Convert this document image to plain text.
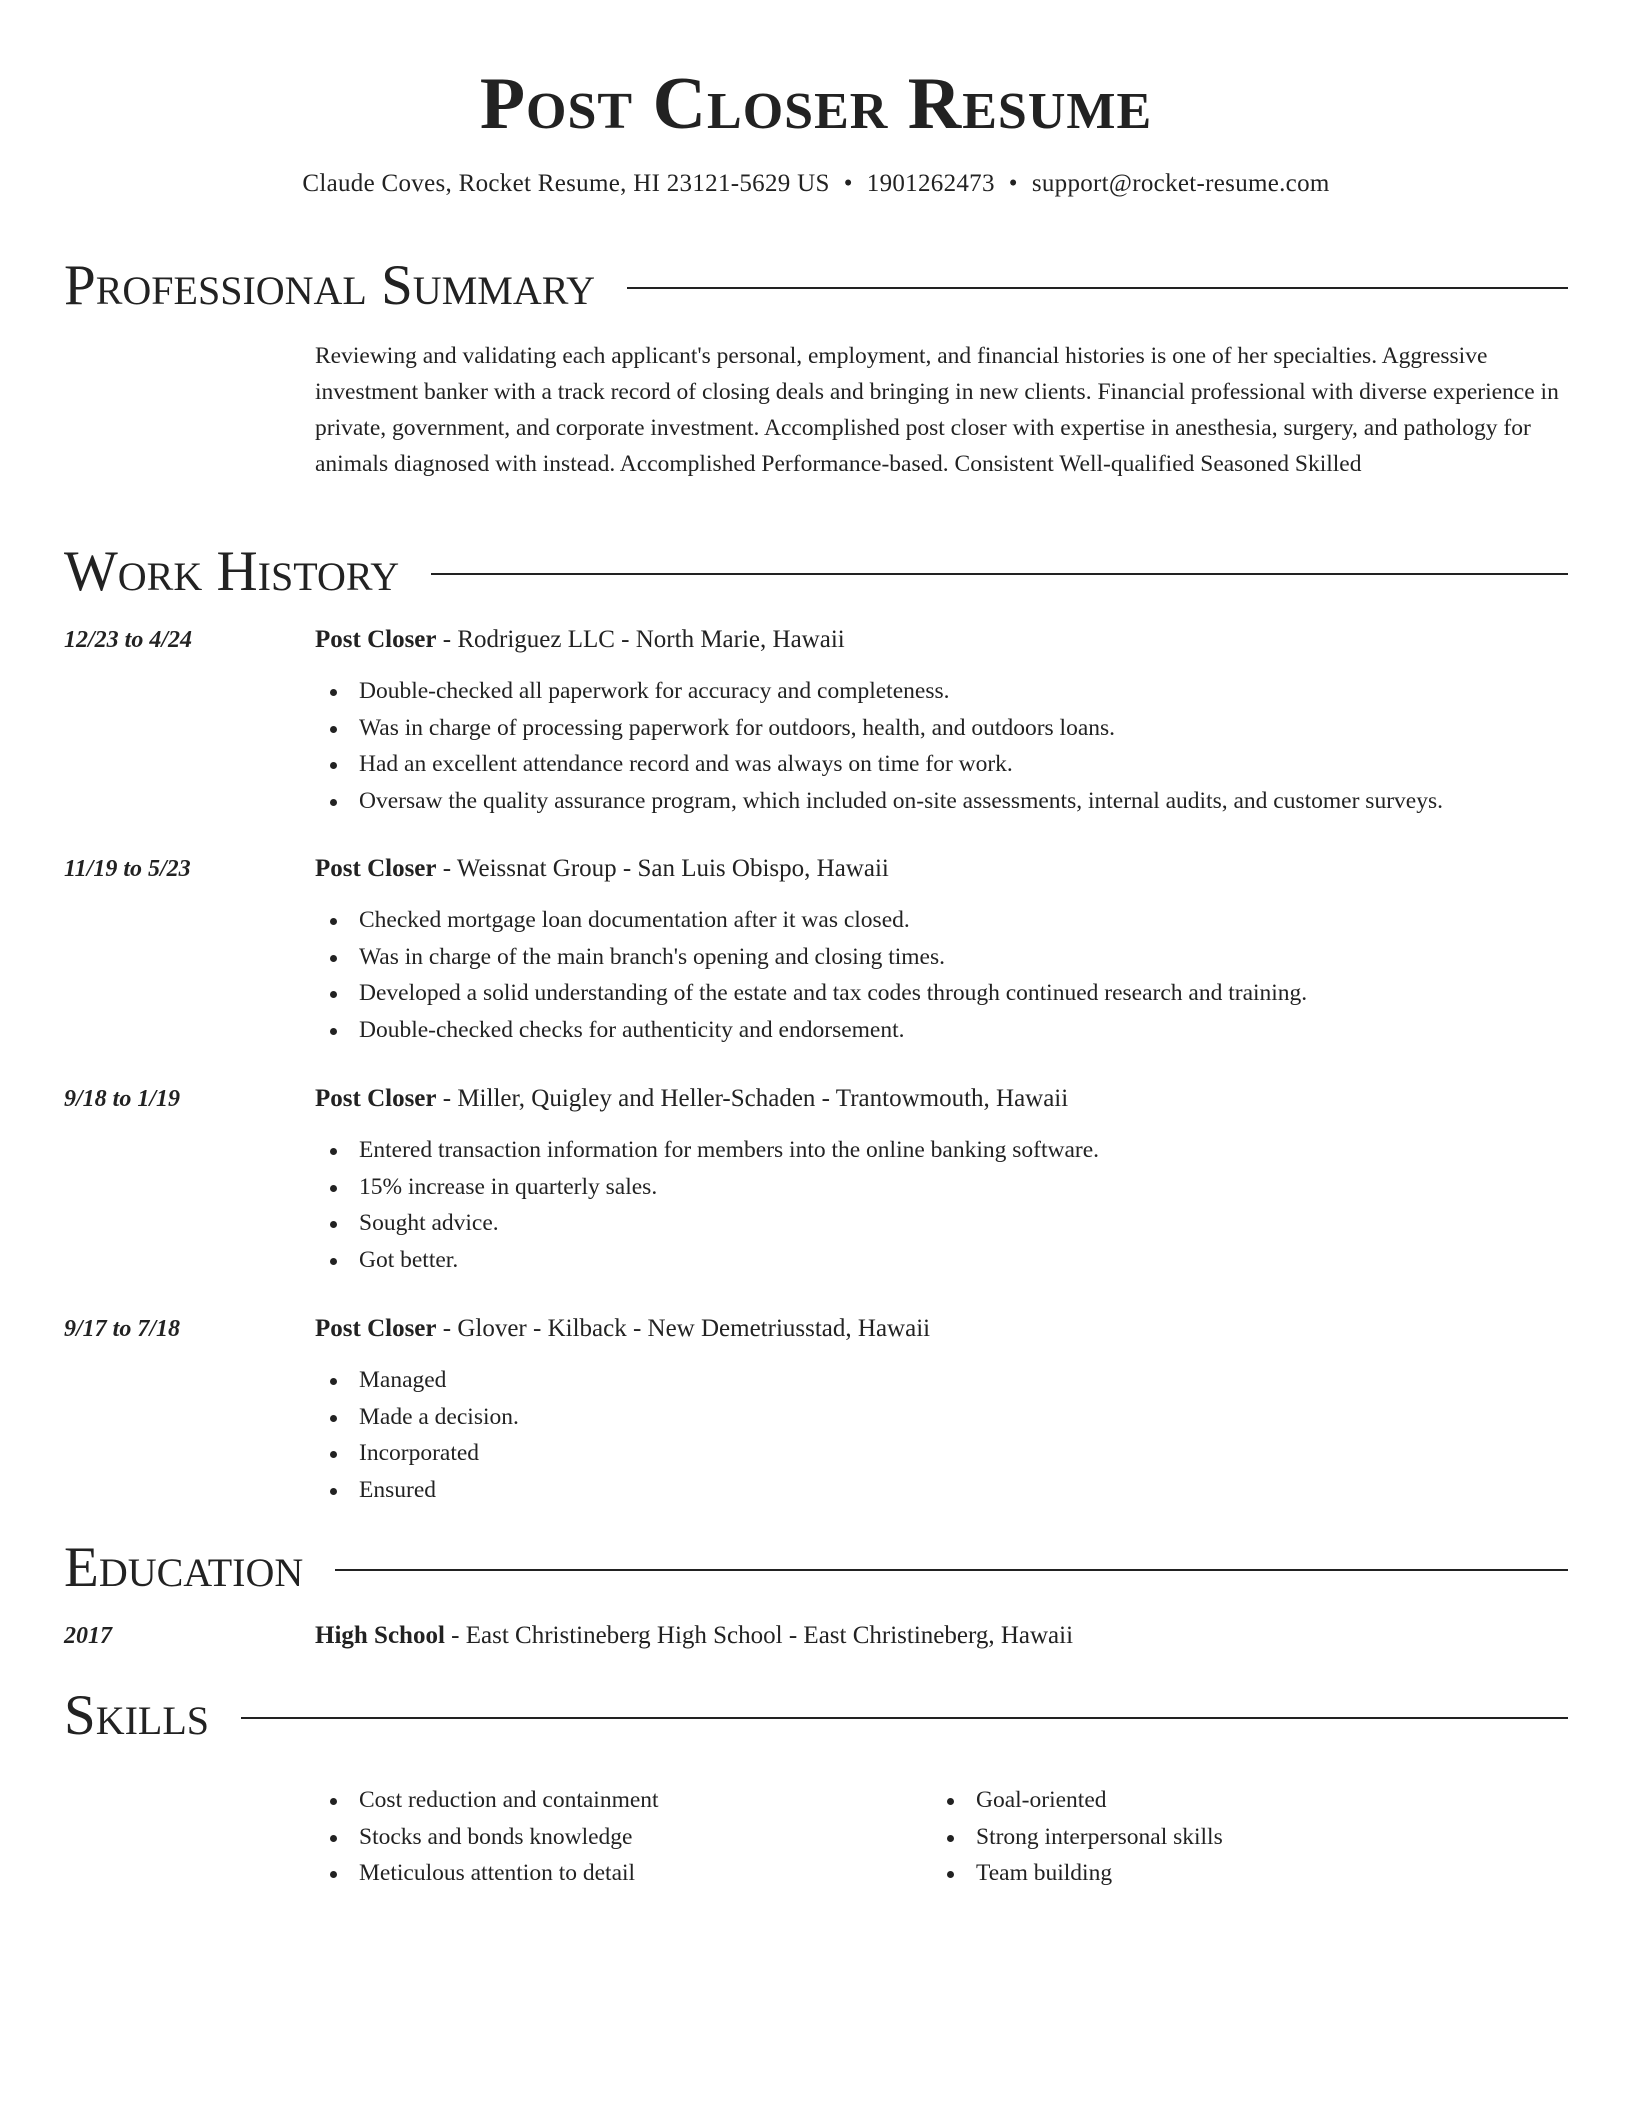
Post Closer Resume
Claude Coves, Rocket Resume, HI 23121-5629 US • 1901262473 • support@rocket-resume.com
Professional Summary

Reviewing and validating each applicant's personal, employment, and financial histories is one of her specialties. Aggressive investment banker with a track record of closing deals and bringing in new clients. Financial professional with diverse experience in private, government, and corporate investment. Accomplished post closer with expertise in anesthesia, surgery, and pathology for animals diagnosed with instead. Accomplished Performance-based. Consistent Well-qualified Seasoned Skilled

Work History
12/23 to 4/24	Post Closer - Rodriguez LLC - North Marie, Hawaii
Double-checked all paperwork for accuracy and completeness.
Was in charge of processing paperwork for outdoors, health, and outdoors loans.
Had an excellent attendance record and was always on time for work.
Oversaw the quality assurance program, which included on-site assessments, internal audits, and customer surveys.
11/19 to 5/23	Post Closer - Weissnat Group - San Luis Obispo, Hawaii
Checked mortgage loan documentation after it was closed.
Was in charge of the main branch's opening and closing times.
Developed a solid understanding of the estate and tax codes through continued research and training.
Double-checked checks for authenticity and endorsement.
9/18 to 1/19	Post Closer - Miller, Quigley and Heller-Schaden - Trantowmouth, Hawaii
Entered transaction information for members into the online banking software.
15% increase in quarterly sales.
Sought advice.
Got better.
9/17 to 7/18	Post Closer - Glover - Kilback - New Demetriusstad, Hawaii
Managed
Made a decision.
Incorporated
Ensured
Education
2017	High School - East Christineberg High School - East Christineberg, Hawaii
Skills
Cost reduction and containment
Stocks and bonds knowledge
Meticulous attention to detail
Goal-oriented
Strong interpersonal skills
Team building
